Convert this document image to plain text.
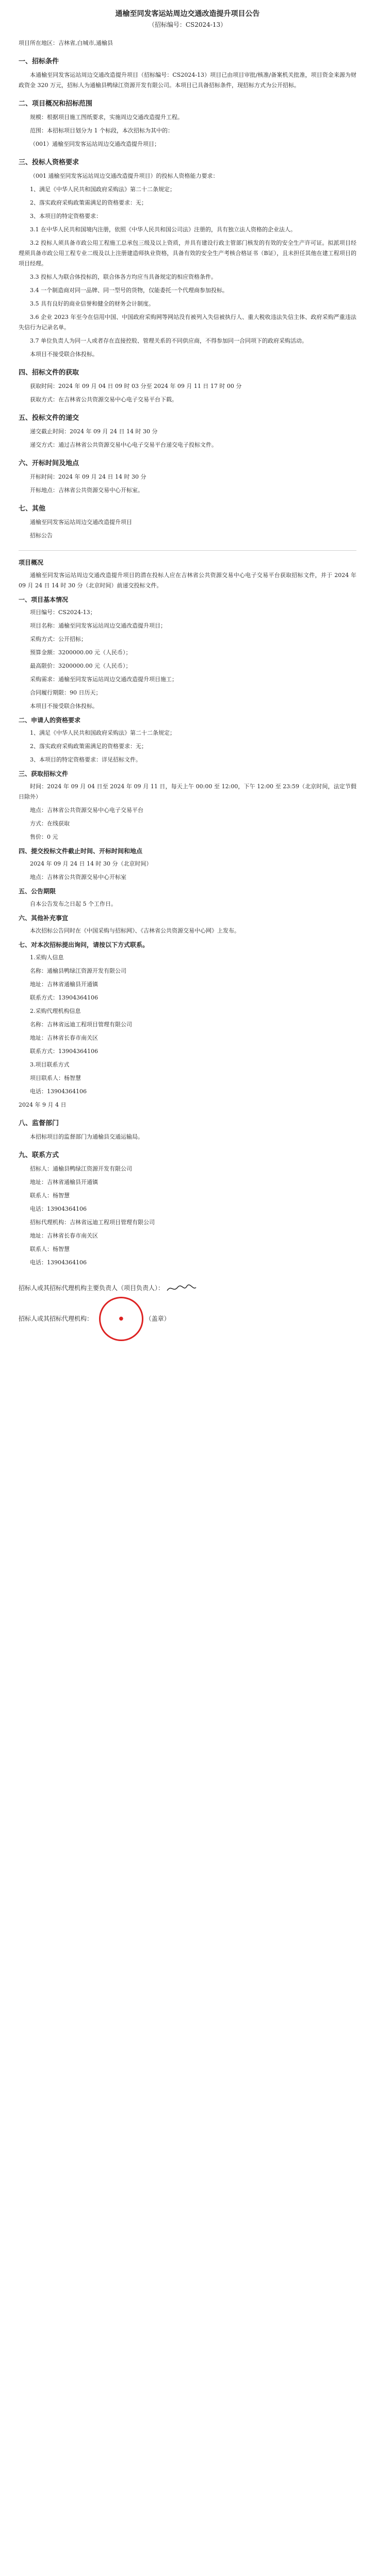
通榆至同发客运站周边交通改造提升项目公告
（招标编号：CS2024-13）
项目所在地区：吉林省,白城市,通榆县
一、招标条件

本通榆至同发客运站周边交通改造提升项目（招标编号：CS2024-13）项目已由项目审批/核准/备案机关批准，项目资金来源为财政资金 320 万元，招标人为通榆县鸭绿江资源开发有限公司。本项目已具备招标条件，现招标方式为公开招标。

二、项目概况和招标范围

规模：根据项目施工图纸要求，实施周边交通改造提升工程。

范围：本招标项目划分为 1 个标段，本次招标为其中的：

（001）通榆至同发客运站周边交通改造提升项目；

三、投标人资格要求

（001 通榆至同发客运站周边交通改造提升项目）的投标人资格能力要求：

1、满足《中华人民共和国政府采购法》第二十二条规定；

2、落实政府采购政策需满足的资格要求：无；

3、本项目的特定资格要求：

3.1 在中华人民共和国境内注册，依照《中华人民共和国公司法》注册的，具有独立法人资格的企业法人。

3.2 投标人须具备市政公用工程施工总承包三级及以上资质，并具有建设行政主管部门核发的有效的安全生产许可证。拟派项目经理须具备市政公用工程专业二级及以上注册建造师执业资格，具备有效的安全生产考核合格证书（B证），且未担任其他在建工程项目的项目经理。

3.3 投标人为联合体投标的，联合体各方均应当具备规定的相应资格条件。

3.4 一个制造商对同一品牌、同一型号的货物，仅能委托一个代理商参加投标。

3.5 具有良好的商业信誉和健全的财务会计制度。

3.6 企业 2023 年至今在信用中国、中国政府采购网等网站没有被列入失信被执行人、重大税收违法失信主体、政府采购严重违法失信行为记录名单。

3.7 单位负责人为同一人或者存在直接控股、管理关系的不同供应商，不得参加同一合同项下的政府采购活动。

本项目不接受联合体投标。

四、招标文件的获取

获取时间：2024 年 09 月 04 日 09 时 03 分至 2024 年 09 月 11 日 17 时 00 分

获取方式：在吉林省公共资源交易中心电子交易平台下载。

五、投标文件的递交

递交截止时间：2024 年 09 月 24 日 14 时 30 分

递交方式：通过吉林省公共资源交易中心电子交易平台递交电子投标文件。

六、开标时间及地点

开标时间：2024 年 09 月 24 日 14 时 30 分

开标地点：吉林省公共资源交易中心开标室。

七、其他

通榆至同发客运站周边交通改造提升项目

招标公告

项目概况

通榆至同发客运站周边交通改造提升项目的潜在投标人应在吉林省公共资源交易中心电子交易平台获取招标文件，并于 2024 年 09 月 24 日 14 时 30 分（北京时间）前递交投标文件。

一、项目基本情况

项目编号：CS2024-13；

项目名称：通榆至同发客运站周边交通改造提升项目；

采购方式：公开招标；

预算金额：3200000.00 元（人民币）；

最高限价：3200000.00 元（人民币）；

采购需求：通榆至同发客运站周边交通改造提升项目施工；

合同履行期限：90 日历天；

本项目不接受联合体投标。

二、申请人的资格要求

1、满足《中华人民共和国政府采购法》第二十二条规定；

2、落实政府采购政策需满足的资格要求：无；

3、本项目的特定资格要求：详见招标文件。

三、获取招标文件

时间：2024 年 09 月 04 日至 2024 年 09 月 11 日，每天上午 00:00 至 12:00，下午 12:00 至 23:59（北京时间，法定节假日除外）

地点：吉林省公共资源交易中心电子交易平台

方式：在线获取

售价：0 元

四、提交投标文件截止时间、开标时间和地点

2024 年 09 月 24 日 14 时 30 分（北京时间）

地点：吉林省公共资源交易中心开标室

五、公告期限

自本公告发布之日起 5 个工作日。

六、其他补充事宜

本次招标公告同时在《中国采购与招标网》、《吉林省公共资源交易中心网》上发布。

七、对本次招标提出询问，请按以下方式联系。

1.采购人信息

名称：通榆县鸭绿江资源开发有限公司

地址：吉林省通榆县开通镇

联系方式：13904364106

2.采购代理机构信息

名称：吉林省远迪工程项目管理有限公司

地址：吉林省长春市南关区

联系方式：13904364106

3.项目联系方式

项目联系人：杨智慧

电话：13904364106

2024 年 9 月 4 日

八、监督部门

本招标项目的监督部门为通榆县交通运输局。

九、联系方式

招标人：通榆县鸭绿江资源开发有限公司

地址：吉林省通榆县开通镇

联系人：杨智慧

电话：13904364106

招标代理机构：吉林省远迪工程项目管理有限公司

地址：吉林省长春市南关区

联系人：杨智慧

电话：13904364106

招标人或其招标代理机构主要负责人（项目负责人）：
招标人或其招标代理机构：	●	（盖章）
